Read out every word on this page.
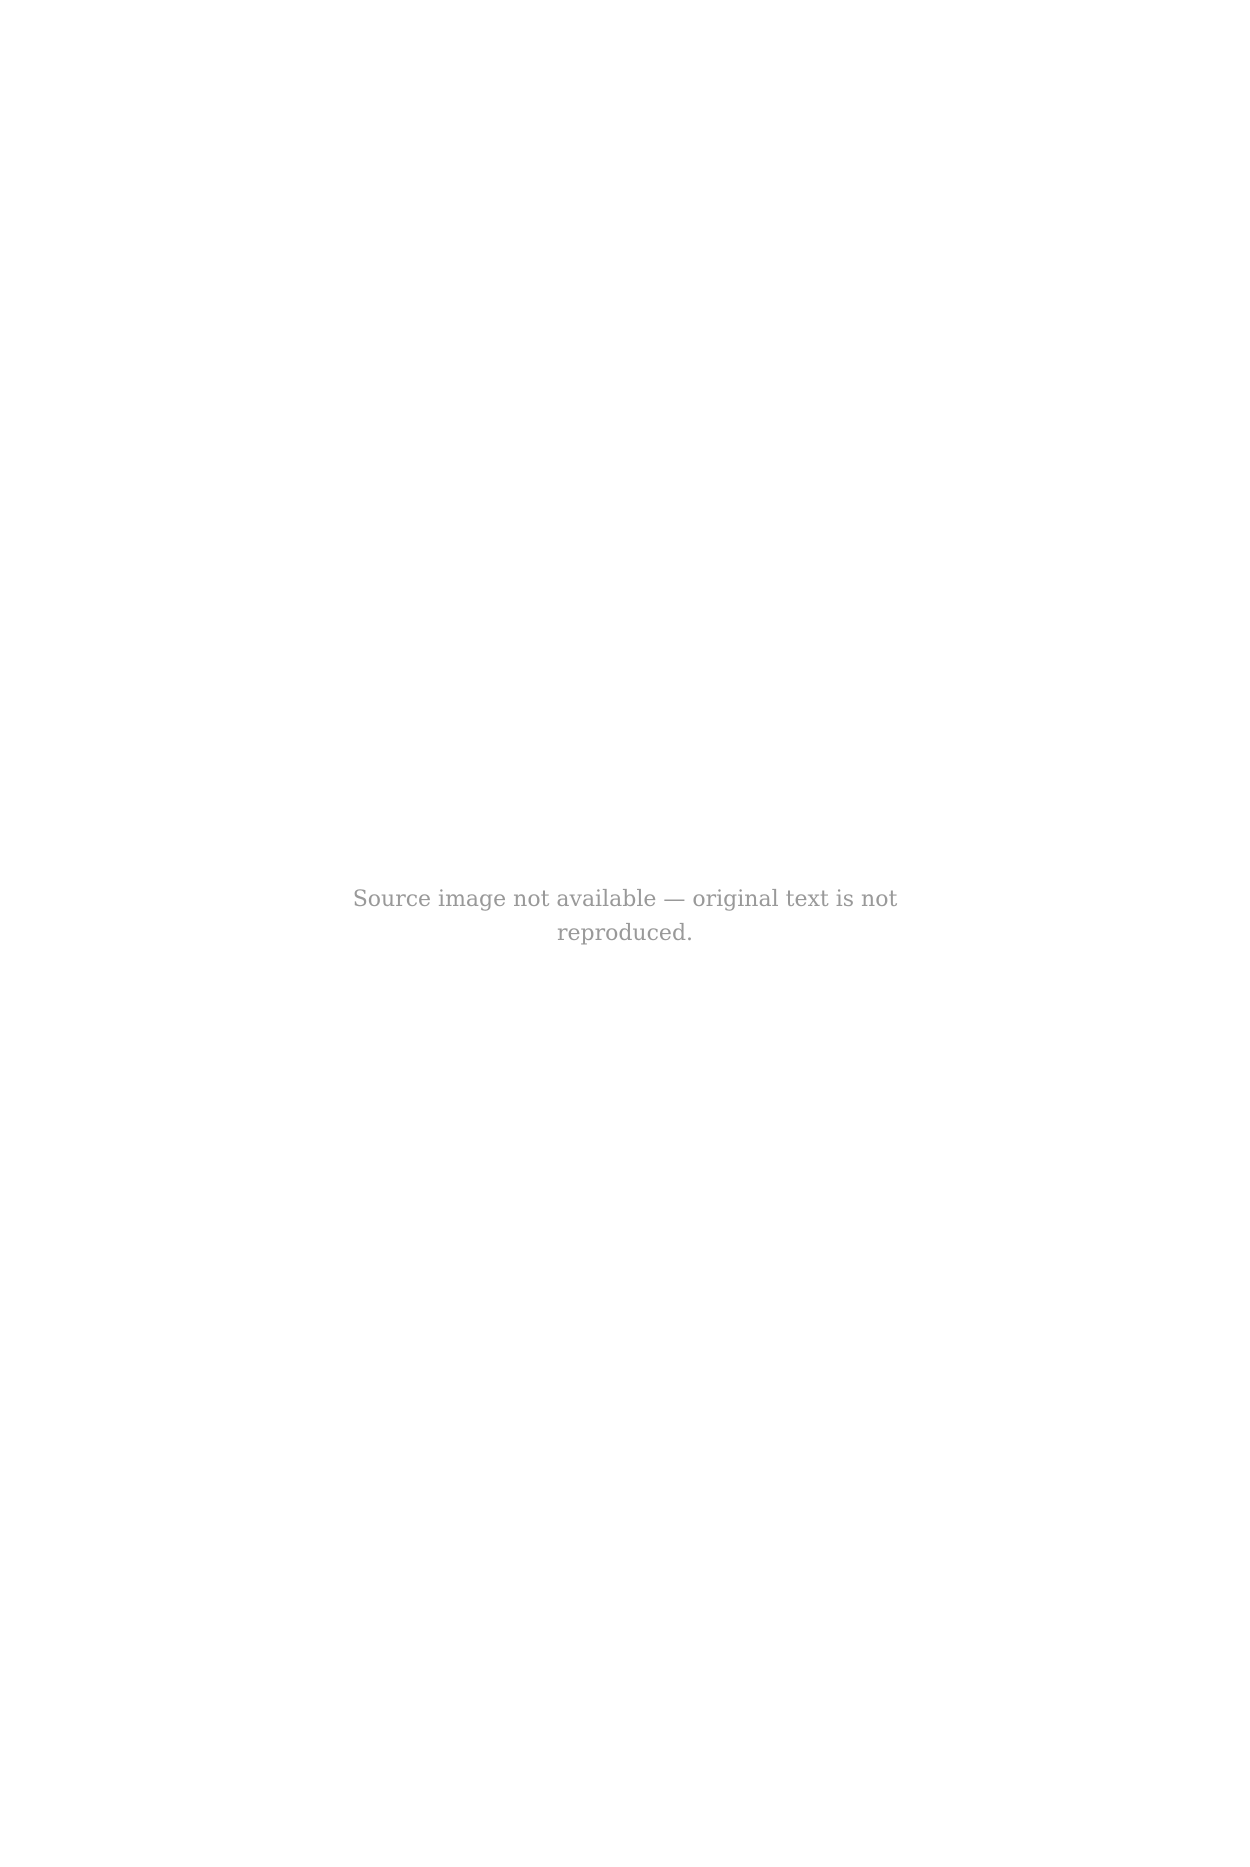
Source image not available — original text is not reproduced.
